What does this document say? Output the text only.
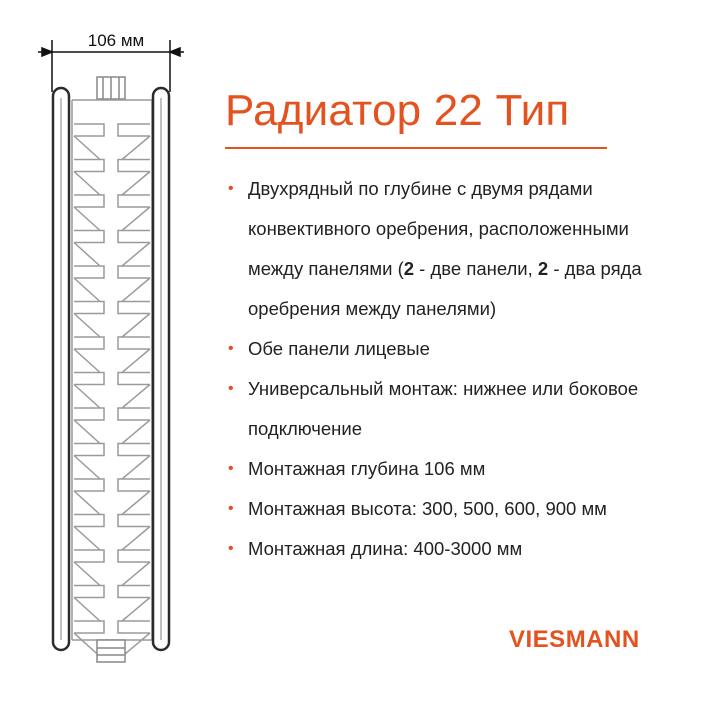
106 мм
Радиатор 22 Тип
• Двухрядный по глубине с двумя рядами конвективного оребрения, расположенными между панелями (2 - две панели, 2 - два ряда оребрения между панелями)
• Обе панели лицевые
• Универсальный монтаж: нижнее или боковое подключение
• Монтажная глубина 106 мм
• Монтажная высота: 300, 500, 600, 900 мм
• Монтажная длина: 400-3000 мм
VIESMANN
